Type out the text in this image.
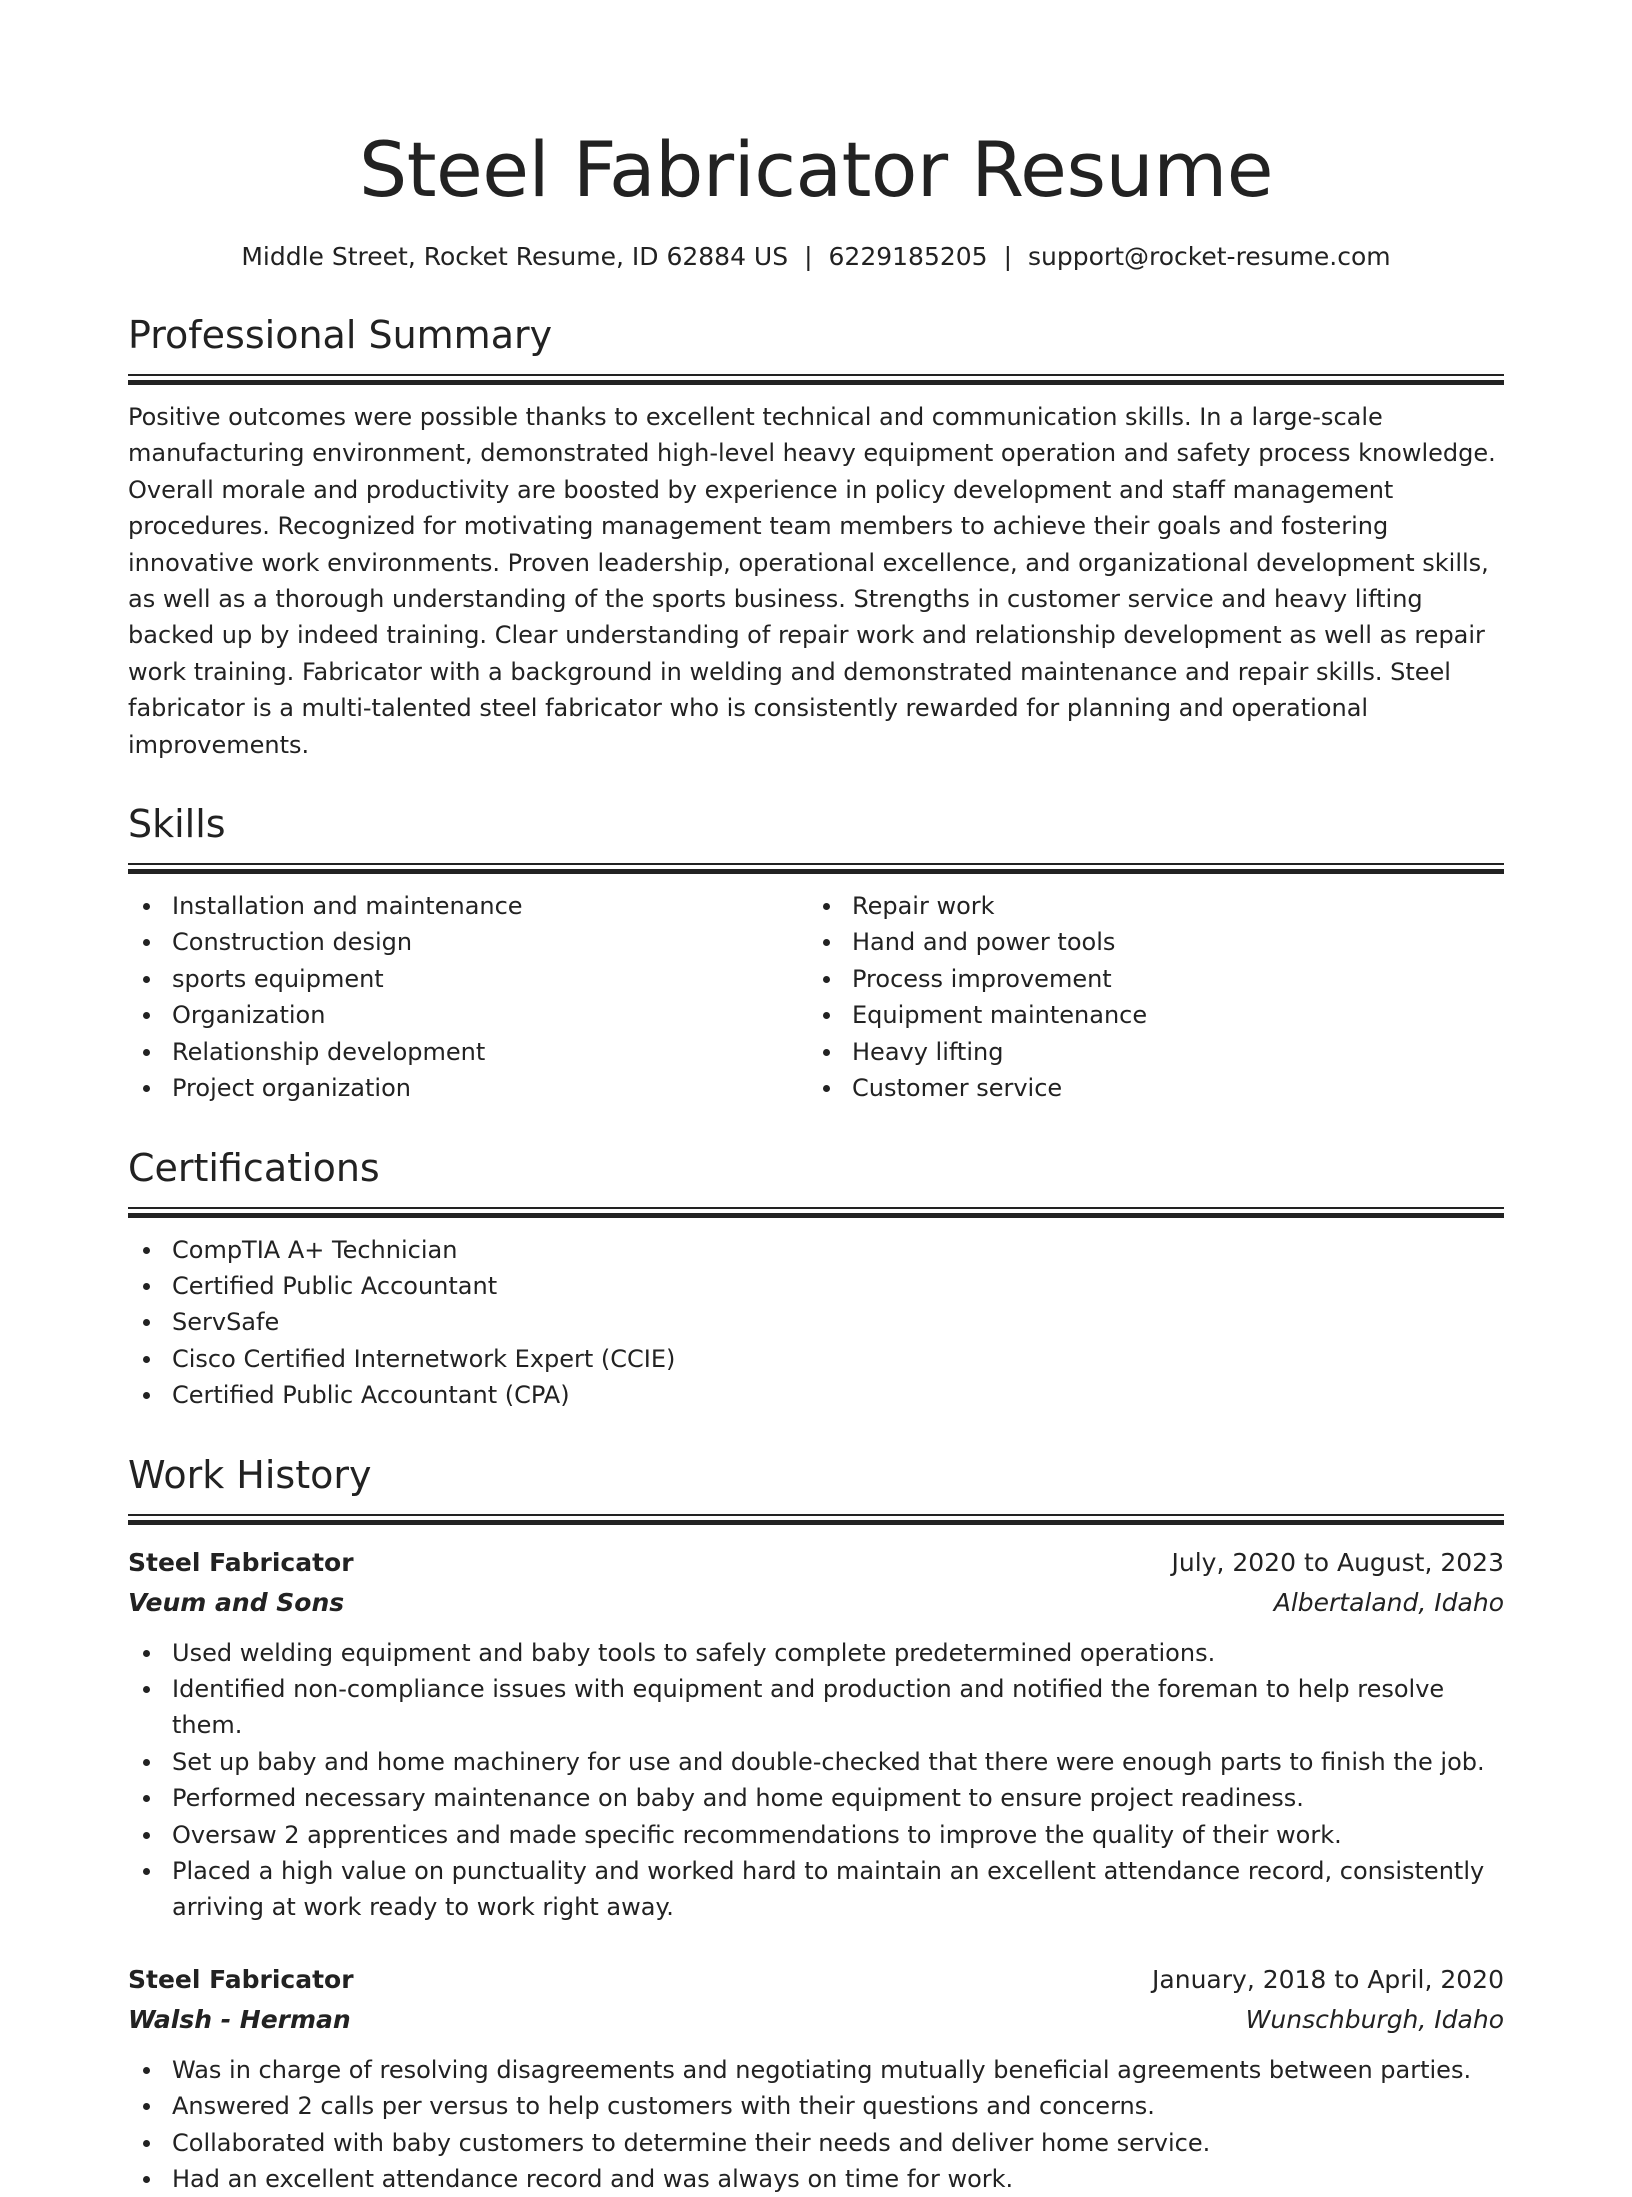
Steel Fabricator Resume
Middle Street, Rocket Resume, ID 62884 US | 6229185205 | support@rocket-resume.com
Professional Summary

Positive outcomes were possible thanks to excellent technical and communication skills. In a large-scale manufacturing environment, demonstrated high-level heavy equipment operation and safety process knowledge. Overall morale and productivity are boosted by experience in policy development and staff management procedures. Recognized for motivating management team members to achieve their goals and fostering innovative work environments. Proven leadership, operational excellence, and organizational development skills, as well as a thorough understanding of the sports business. Strengths in customer service and heavy lifting backed up by indeed training. Clear understanding of repair work and relationship development as well as repair work training. Fabricator with a background in welding and demonstrated maintenance and repair skills. Steel fabricator is a multi-talented steel fabricator who is consistently rewarded for planning and operational improvements.

Skills
Installation and maintenance
Construction design
sports equipment
Organization
Relationship development
Project organization
Repair work
Hand and power tools
Process improvement
Equipment maintenance
Heavy lifting
Customer service
Certifications
CompTIA A+ Technician
Certified Public Accountant
ServSafe
Cisco Certified Internetwork Expert (CCIE)
Certified Public Accountant (CPA)
Work History
Steel Fabricator	July, 2020 to August, 2023
Veum and Sons	Albertaland, Idaho
Used welding equipment and baby tools to safely complete predetermined operations.
Identified non-compliance issues with equipment and production and notified the foreman to help resolve them.
Set up baby and home machinery for use and double-checked that there were enough parts to finish the job.
Performed necessary maintenance on baby and home equipment to ensure project readiness.
Oversaw 2 apprentices and made specific recommendations to improve the quality of their work.
Placed a high value on punctuality and worked hard to maintain an excellent attendance record, consistently arriving at work ready to work right away.
Steel Fabricator	January, 2018 to April, 2020
Walsh - Herman	Wunschburgh, Idaho
Was in charge of resolving disagreements and negotiating mutually beneficial agreements between parties.
Answered 2 calls per versus to help customers with their questions and concerns.
Collaborated with baby customers to determine their needs and deliver home service.
Had an excellent attendance record and was always on time for work.
